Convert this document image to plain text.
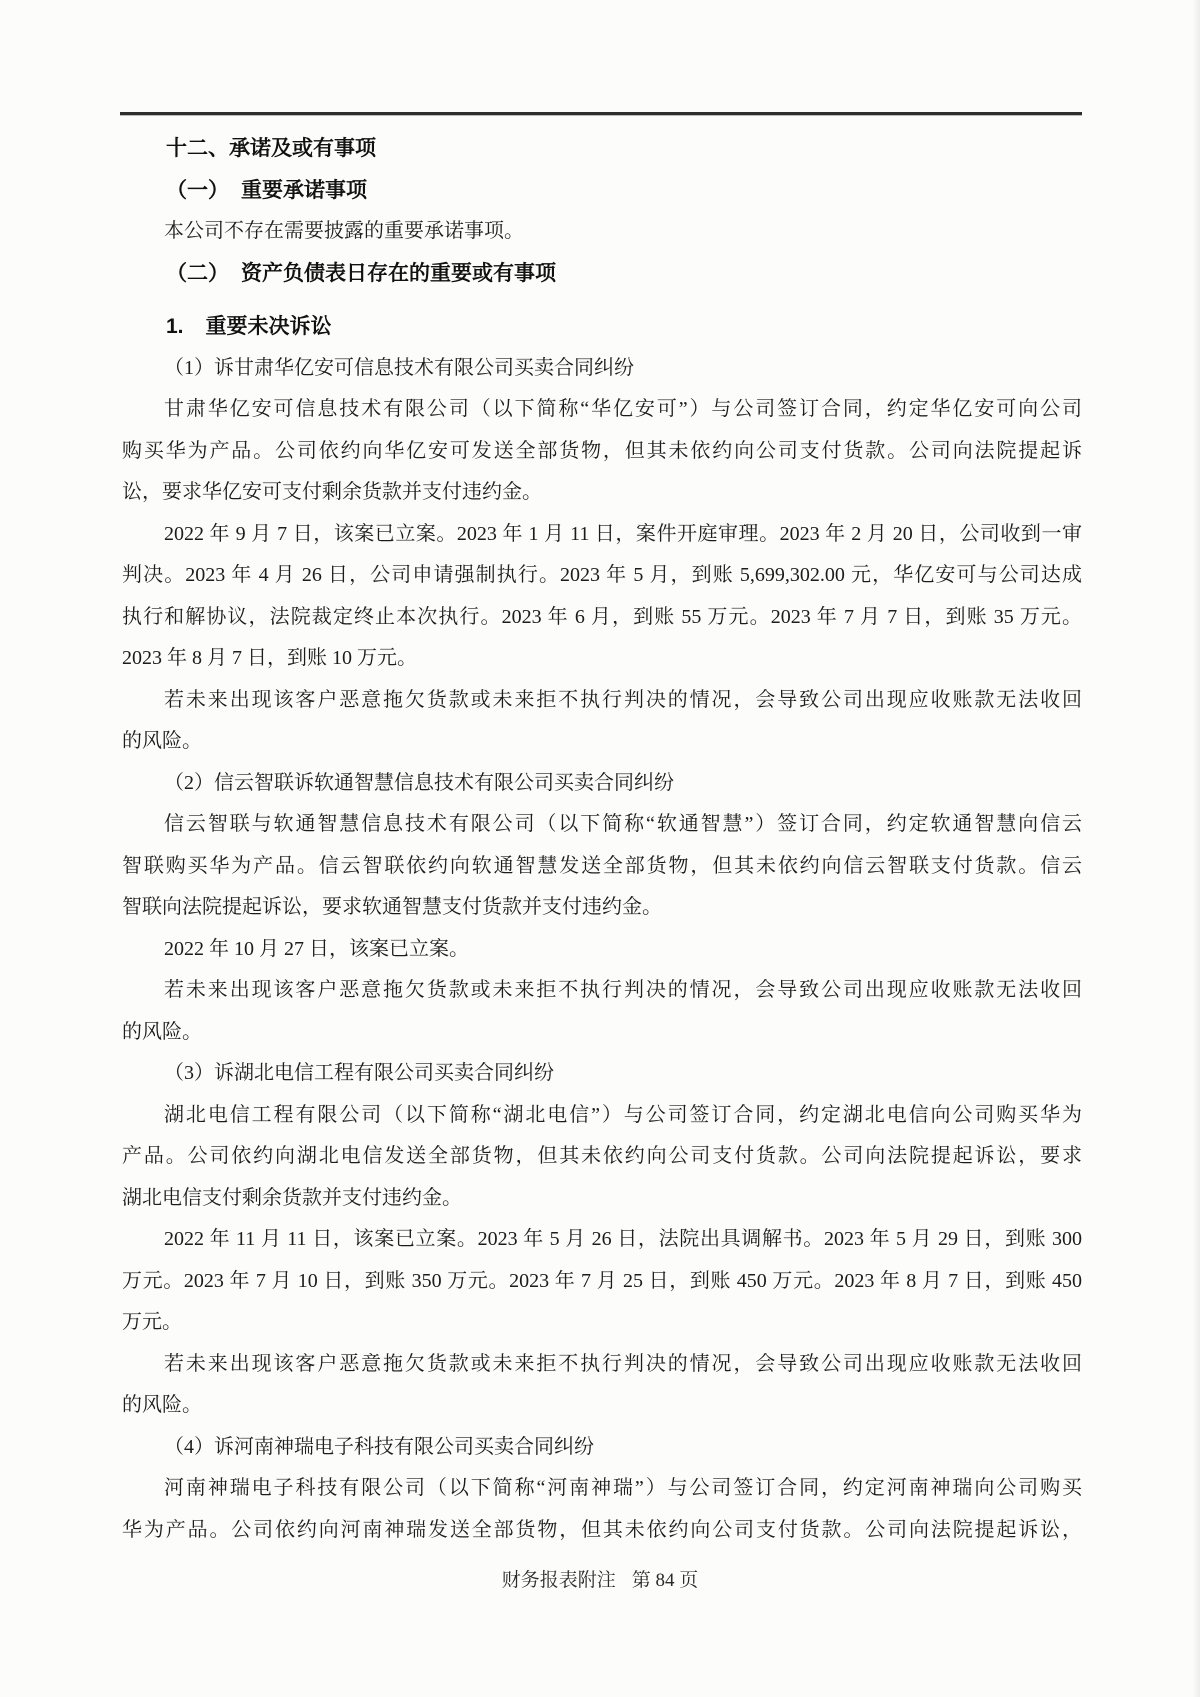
十二、承诺及或有事项
（一） 重要承诺事项
本公司不存在需要披露的重要承诺事项。
（二） 资产负债表日存在的重要或有事项
1. 重要未决诉讼
（1）诉甘肃华亿安可信息技术有限公司买卖合同纠纷
甘肃华亿安可信息技术有限公司（以下简称“华亿安可”）与公司签订合同，约定华亿安可向公司
购买华为产品。公司依约向华亿安可发送全部货物，但其未依约向公司支付货款。公司向法院提起诉
讼，要求华亿安可支付剩余货款并支付违约金。
2022 年 9 月 7 日，该案已立案。2023 年 1 月 11 日，案件开庭审理。2023 年 2 月 20 日，公司收到一审
判决。2023 年 4 月 26 日，公司申请强制执行。2023 年 5 月，到账 5,699,302.00 元，华亿安可与公司达成
执行和解协议，法院裁定终止本次执行。2023 年 6 月，到账 55 万元。2023 年 7 月 7 日，到账 35 万元。
2023 年 8 月 7 日，到账 10 万元。
若未来出现该客户恶意拖欠货款或未来拒不执行判决的情况，会导致公司出现应收账款无法收回
的风险。
（2）信云智联诉软通智慧信息技术有限公司买卖合同纠纷
信云智联与软通智慧信息技术有限公司（以下简称“软通智慧”）签订合同，约定软通智慧向信云
智联购买华为产品。信云智联依约向软通智慧发送全部货物，但其未依约向信云智联支付货款。信云
智联向法院提起诉讼，要求软通智慧支付货款并支付违约金。
2022 年 10 月 27 日，该案已立案。
若未来出现该客户恶意拖欠货款或未来拒不执行判决的情况，会导致公司出现应收账款无法收回
的风险。
（3）诉湖北电信工程有限公司买卖合同纠纷
湖北电信工程有限公司（以下简称“湖北电信”）与公司签订合同，约定湖北电信向公司购买华为
产品。公司依约向湖北电信发送全部货物，但其未依约向公司支付货款。公司向法院提起诉讼，要求
湖北电信支付剩余货款并支付违约金。
2022 年 11 月 11 日，该案已立案。2023 年 5 月 26 日，法院出具调解书。2023 年 5 月 29 日，到账 300
万元。2023 年 7 月 10 日，到账 350 万元。2023 年 7 月 25 日，到账 450 万元。2023 年 8 月 7 日，到账 450
万元。
若未来出现该客户恶意拖欠货款或未来拒不执行判决的情况，会导致公司出现应收账款无法收回
的风险。
（4）诉河南神瑞电子科技有限公司买卖合同纠纷
河南神瑞电子科技有限公司（以下简称“河南神瑞”）与公司签订合同，约定河南神瑞向公司购买
华为产品。公司依约向河南神瑞发送全部货物，但其未依约向公司支付货款。公司向法院提起诉讼，
财务报表附注 第 84 页
